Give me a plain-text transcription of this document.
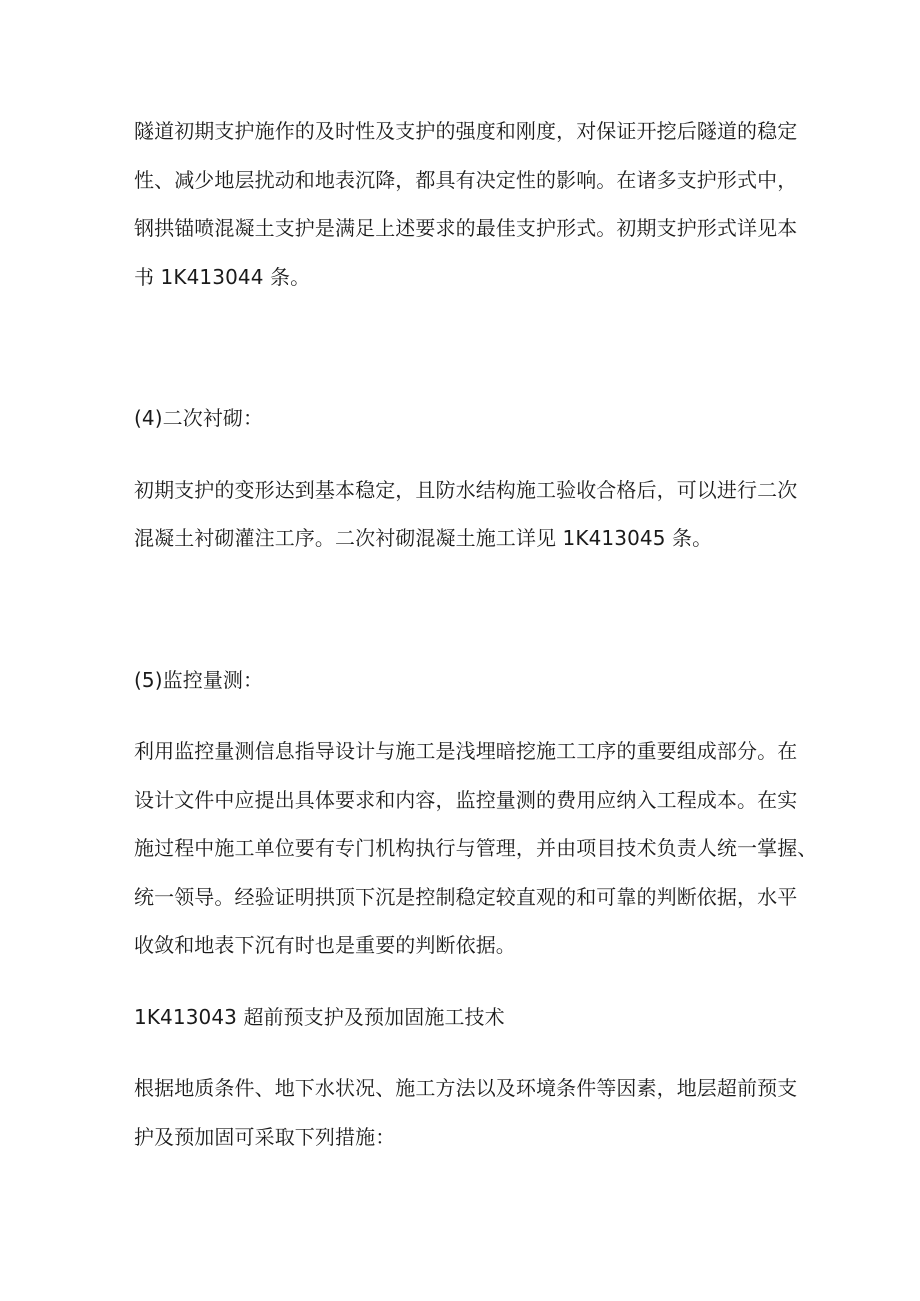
隧道初期支护施作的及时性及支护的强度和刚度，对保证开挖后隧道的稳定

性、减少地层扰动和地表沉降，都具有决定性的影响。在诸多支护形式中，

钢拱锚喷混凝土支护是满足上述要求的最佳支护形式。初期支护形式详见本

书 1K413044 条。

(4)二次衬砌：

初期支护的变形达到基本稳定，且防水结构施工验收合格后，可以进行二次

混凝土衬砌灌注工序。二次衬砌混凝土施工详见 1K413045 条。

(5)监控量测：

利用监控量测信息指导设计与施工是浅埋暗挖施工工序的重要组成部分。在

设计文件中应提出具体要求和内容，监控量测的费用应纳入工程成本。在实

施过程中施工单位要有专门机构执行与管理，并由项目技术负责人统一掌握、

统一领导。经验证明拱顶下沉是控制稳定较直观的和可靠的判断依据，水平

收敛和地表下沉有时也是重要的判断依据。

1K413043 超前预支护及预加固施工技术

根据地质条件、地下水状况、施工方法以及环境条件等因素，地层超前预支

护及预加固可采取下列措施：
